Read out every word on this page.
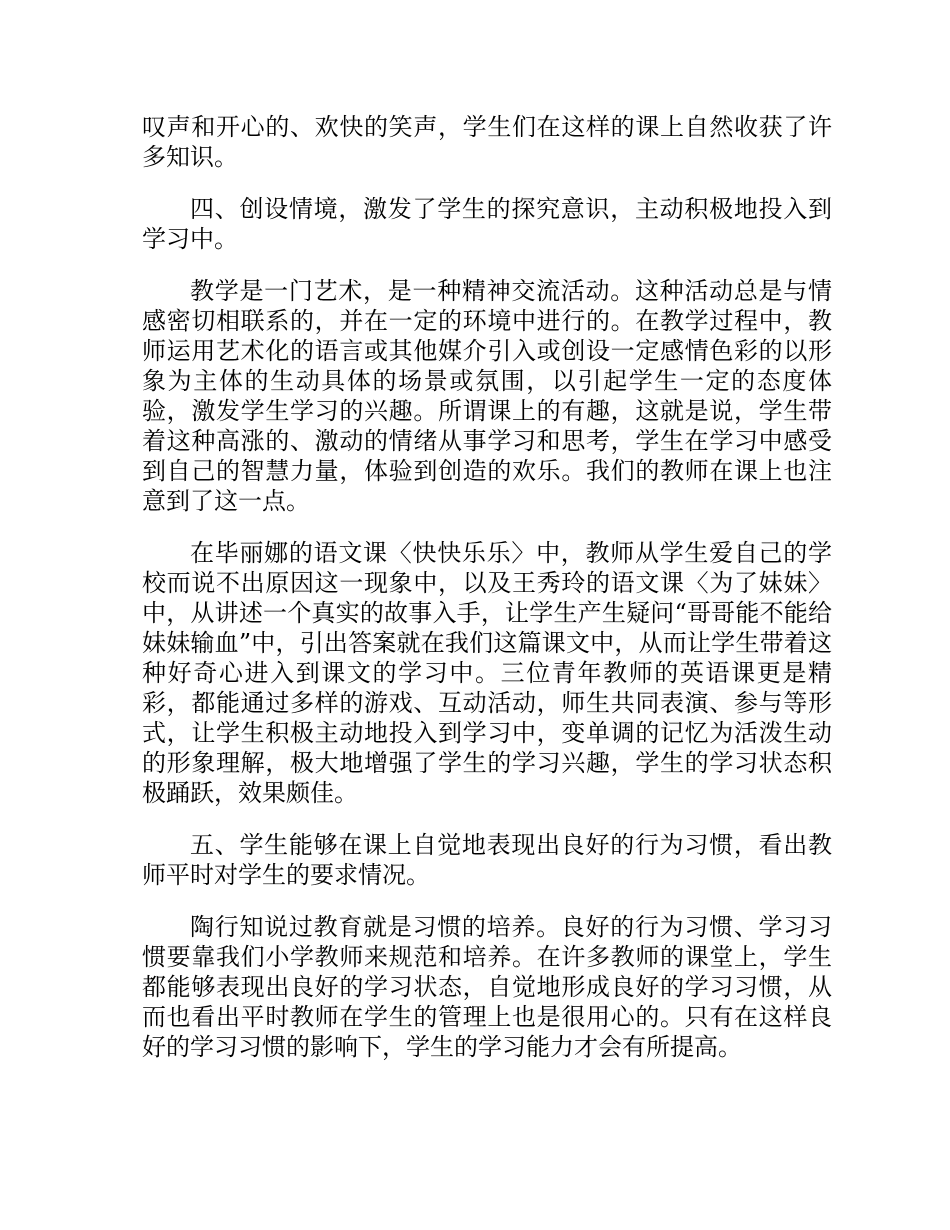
叹声和开心的、欢快的笑声，学生们在这样的课上自然收获了许多知识。

四、创设情境，激发了学生的探究意识，主动积极地投入到学习中。

教学是一门艺术，是一种精神交流活动。这种活动总是与情感密切相联系的，并在一定的环境中进行的。在教学过程中，教师运用艺术化的语言或其他媒介引入或创设一定感情色彩的以形象为主体的生动具体的场景或氛围，以引起学生一定的态度体验，激发学生学习的兴趣。所谓课上的有趣，这就是说，学生带着这种高涨的、激动的情绪从事学习和思考，学生在学习中感受到自己的智慧力量，体验到创造的欢乐。我们的教师在课上也注意到了这一点。

在毕丽娜的语文课〈快快乐乐〉中，教师从学生爱自己的学校而说不出原因这一现象中，以及王秀玲的语文课〈为了妹妹〉中，从讲述一个真实的故事入手，让学生产生疑问“哥哥能不能给妹妹输血”中，引出答案就在我们这篇课文中，从而让学生带着这种好奇心进入到课文的学习中。三位青年教师的英语课更是精彩，都能通过多样的游戏、互动活动，师生共同表演、参与等形式，让学生积极主动地投入到学习中，变单调的记忆为活泼生动的形象理解，极大地增强了学生的学习兴趣，学生的学习状态积极踊跃，效果颇佳。

五、学生能够在课上自觉地表现出良好的行为习惯，看出教师平时对学生的要求情况。

陶行知说过教育就是习惯的培养。良好的行为习惯、学习习惯要靠我们小学教师来规范和培养。在许多教师的课堂上，学生都能够表现出良好的学习状态，自觉地形成良好的学习习惯，从而也看出平时教师在学生的管理上也是很用心的。只有在这样良好的学习习惯的影响下，学生的学习能力才会有所提高。
